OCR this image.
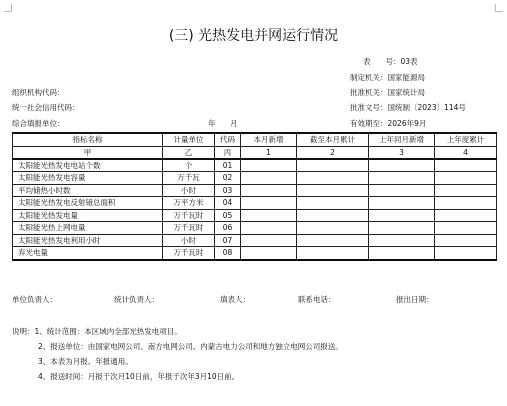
(三) 光热发电并网运行情况
表　　号：03表
制定机关：国家能源局
批准机关：国家统计局
批准文号：国统制〔2023〕114号
有效期至：2026年9月
组织机构代码：
统一社会信用代码：
综合填报单位：	年 月
指标名称	计量单位	代码	本月新增	截至本月累计	上年同月新增	上年度累计
甲	乙	丙	1	2	3	4
太阳能光热发电电站个数	个	01				
太阳能光热发电容量	万千瓦	02				
平均储热小时数	小时	03				
太阳能光热发电反射镜总面积	万平方米	04				
太阳能光热发电量	万千瓦时	05				
太阳能光热上网电量	万千瓦时	06				
太阳能光热发电利用小时	小时	07				
弃光电量	万千瓦时	08				
单位负责人：	统计负责人：	填表人：	联系电话：	报出日期：
说明：1、统计范围：本区域内全部光热发电项目。
2、报送单位：由国家电网公司、南方电网公司、内蒙古电力公司和地方独立电网公司报送。
3、本表为月报、年报通用。
4、报送时间：月报于次月10日前，年报于次年3月10日前。
